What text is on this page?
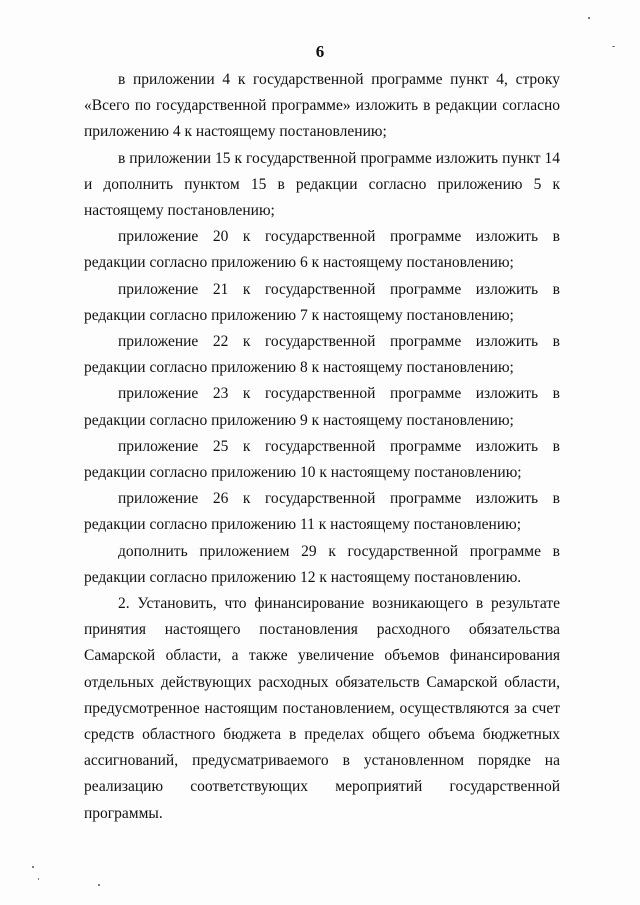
6

в приложении 4 к государственной программе пункт 4, строку «Всего по государственной программе» изложить в редакции согласно приложению 4 к настоящему постановлению;

в приложении 15 к государственной программе изложить пункт 14 и дополнить пунктом 15 в редакции согласно приложению 5 к настоящему постановлению;

приложение 20 к государственной программе изложить в редакции согласно приложению 6 к настоящему постановлению;

приложение 21 к государственной программе изложить в редакции согласно приложению 7 к настоящему постановлению;

приложение 22 к государственной программе изложить в редакции согласно приложению 8 к настоящему постановлению;

приложение 23 к государственной программе изложить в редакции согласно приложению 9 к настоящему постановлению;

приложение 25 к государственной программе изложить в редакции согласно приложению 10 к настоящему постановлению;

приложение 26 к государственной программе изложить в редакции согласно приложению 11 к настоящему постановлению;

дополнить приложением 29 к государственной программе в редакции согласно приложению 12 к настоящему постановлению.

2. Установить, что финансирование возникающего в результате принятия настоящего постановления расходного обязательства Самарской области, а также увеличение объемов финансирования отдельных действующих расходных обязательств Самарской области, предусмотренное настоящим постановлением, осуществляются за счет средств областного бюджета в пределах общего объема бюджетных ассигнований, предусматриваемого в установленном порядке на реализацию соответствующих мероприятий государственной программы.
